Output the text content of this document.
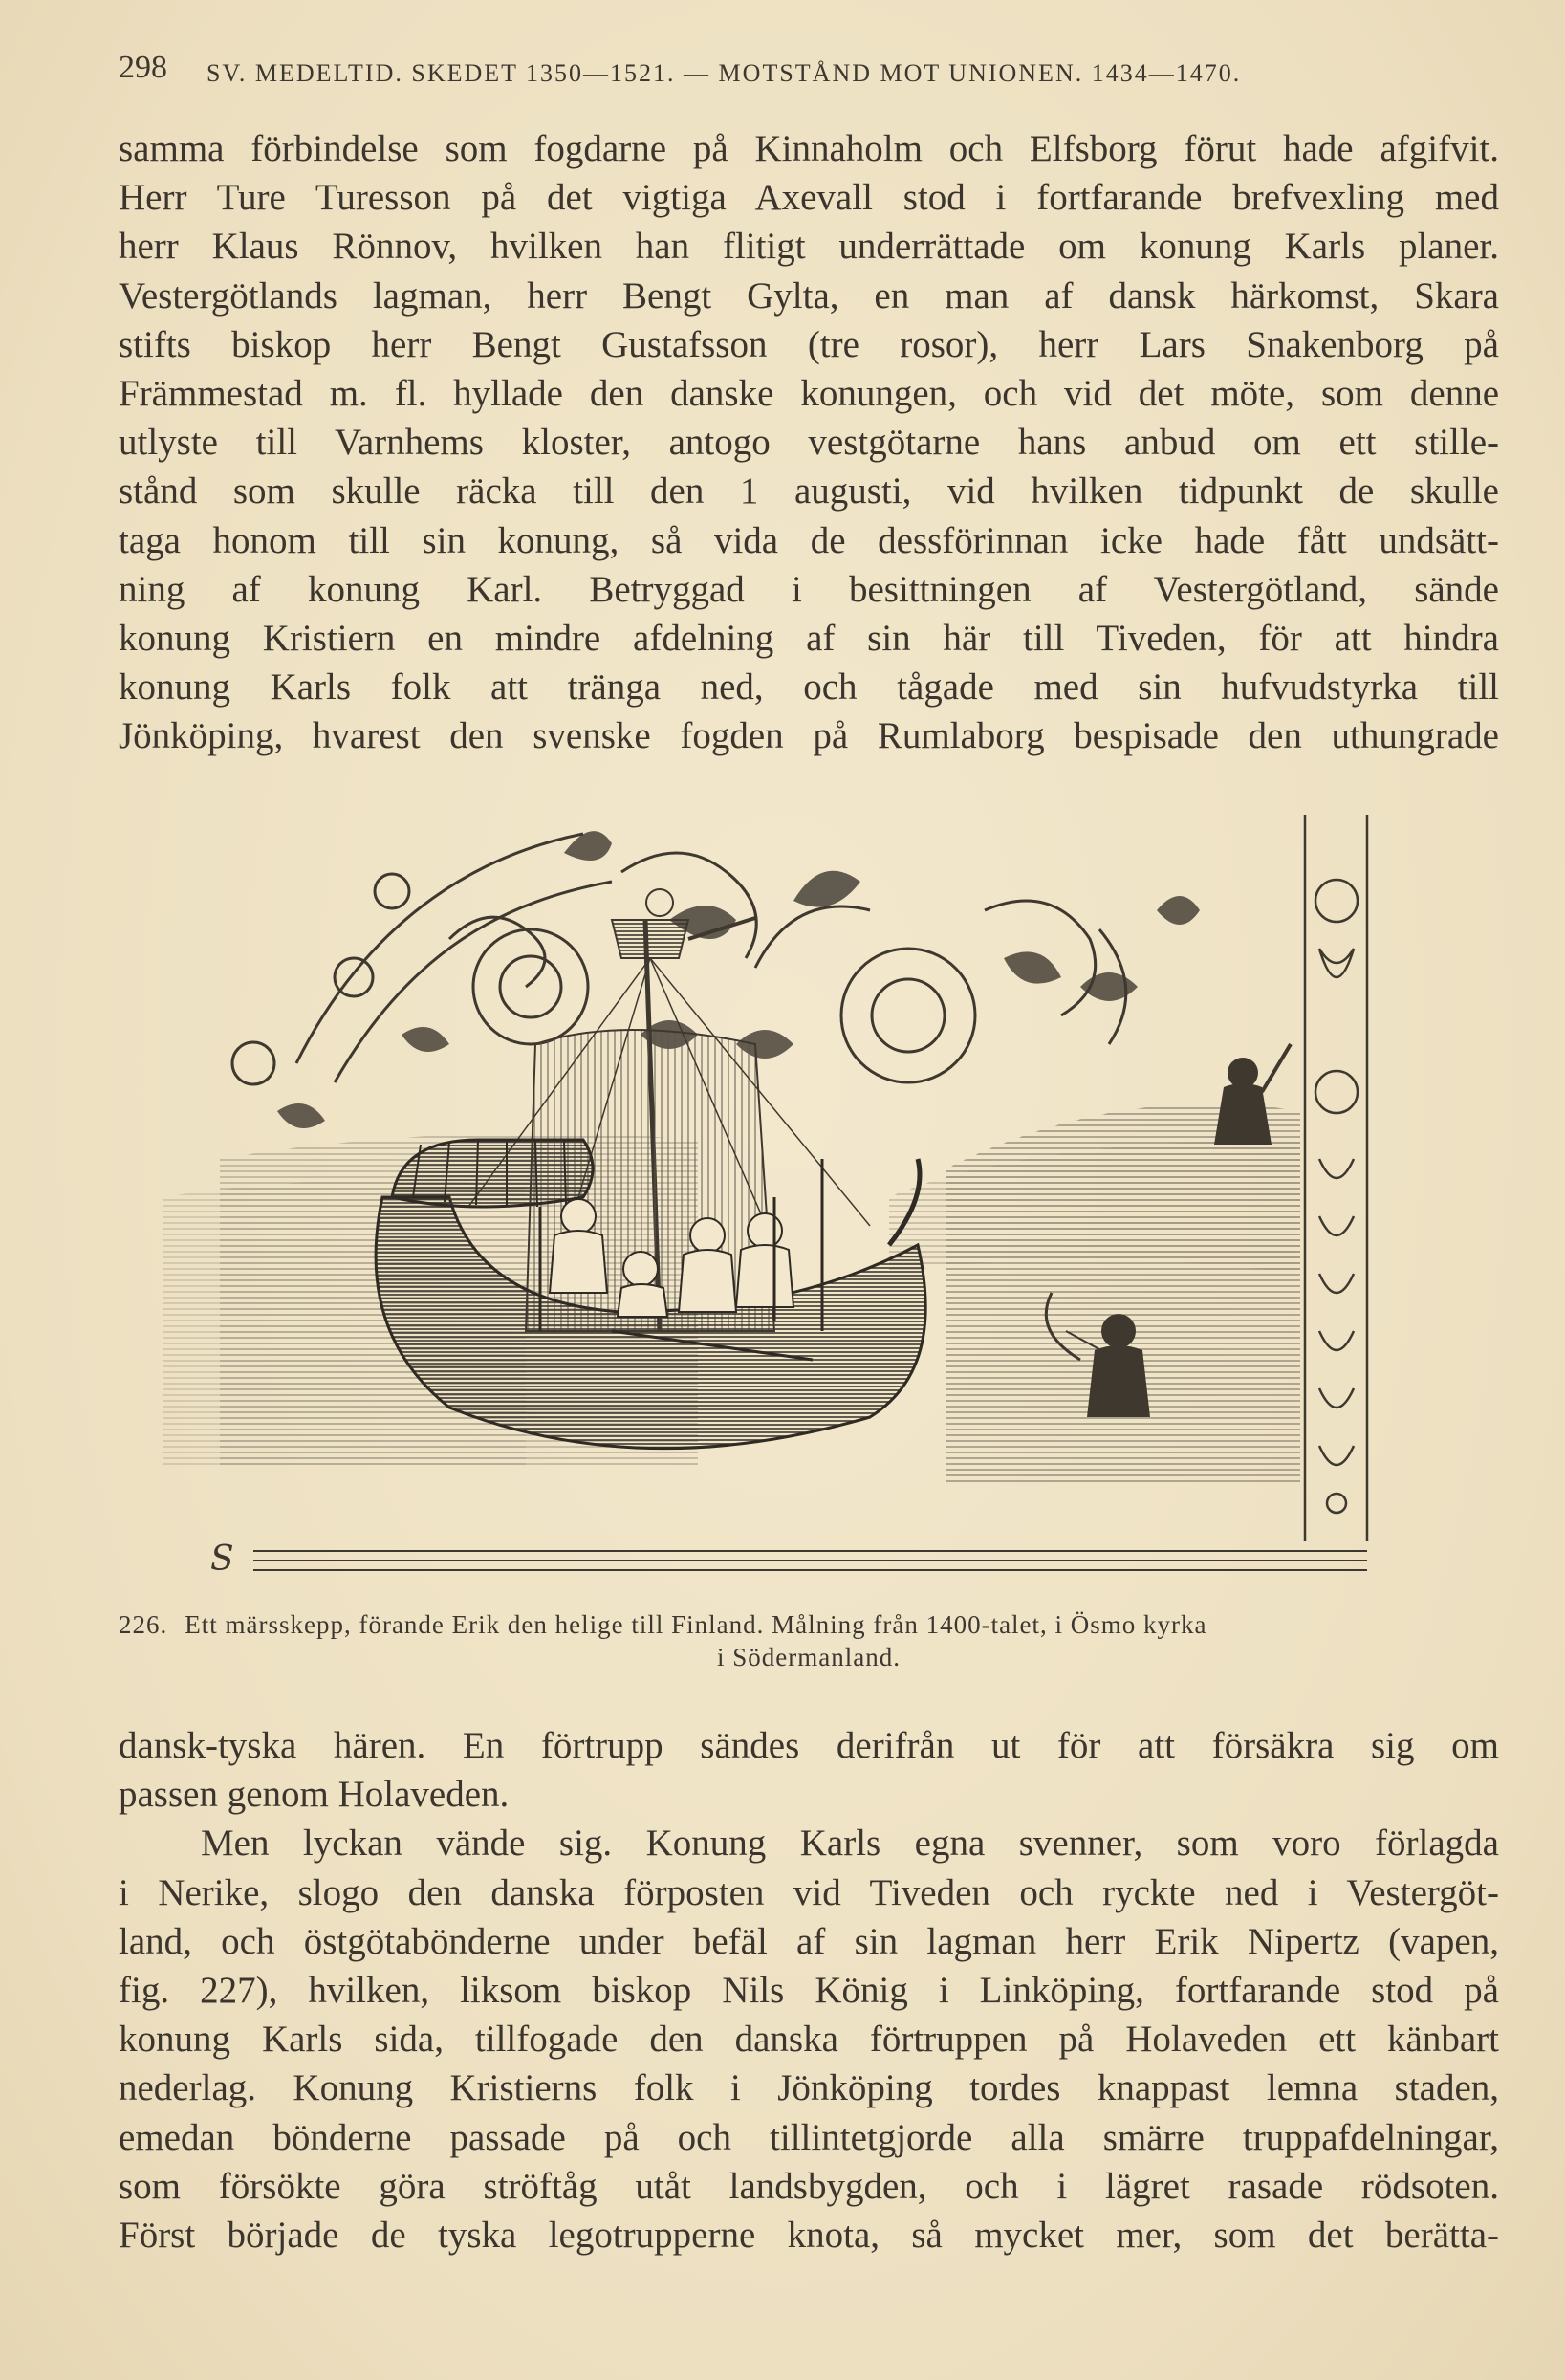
298 SV. MEDELTID. SKEDET 1350—1521. — MOTSTÅND MOT UNIONEN. 1434—1470.
samma förbindelse som fogdarne på Kinnaholm och Elfsborg förut hade afgifvit.
Herr Ture Turesson på det vigtiga Axevall stod i fortfarande brefvexling med
herr Klaus Rönnov, hvilken han flitigt underrättade om konung Karls planer.
Vestergötlands lagman, herr Bengt Gylta, en man af dansk härkomst, Skara
stifts biskop herr Bengt Gustafsson (tre rosor), herr Lars Snakenborg på
Främmestad m. fl. hyllade den danske konungen, och vid det möte, som denne
utlyste till Varnhems kloster, antogo vestgötarne hans anbud om ett stille-
stånd som skulle räcka till den 1 augusti, vid hvilken tidpunkt de skulle
taga honom till sin konung, så vida de dessförinnan icke hade fått undsätt-
ning af konung Karl. Betryggad i besittningen af Vestergötland, sände
konung Kristiern en mindre afdelning af sin här till Tiveden, för att hindra
konung Karls folk att tränga ned, och tågade med sin hufvudstyrka till
Jönköping, hvarest den svenske fogden på Rumlaborg bespisade den uthungrade
S
226. Ett märsskepp, förande Erik den helige till Finland. Målning från 1400-talet, i Ösmo kyrka
i Södermanland.
dansk-tyska hären. En förtrupp sändes derifrån ut för att försäkra sig om
passen genom Holaveden.
Men lyckan vände sig. Konung Karls egna svenner, som voro förlagda
i Nerike, slogo den danska förposten vid Tiveden och ryckte ned i Vestergöt-
land, och östgötabönderne under befäl af sin lagman herr Erik Nipertz (vapen,
fig. 227), hvilken, liksom biskop Nils König i Linköping, fortfarande stod på
konung Karls sida, tillfogade den danska förtruppen på Holaveden ett känbart
nederlag. Konung Kristierns folk i Jönköping tordes knappast lemna staden,
emedan bönderne passade på och tillintetgjorde alla smärre truppafdelningar,
som försökte göra ströftåg utåt landsbygden, och i lägret rasade rödsoten.
Först började de tyska legotrupperne knota, så mycket mer, som det berätta-
